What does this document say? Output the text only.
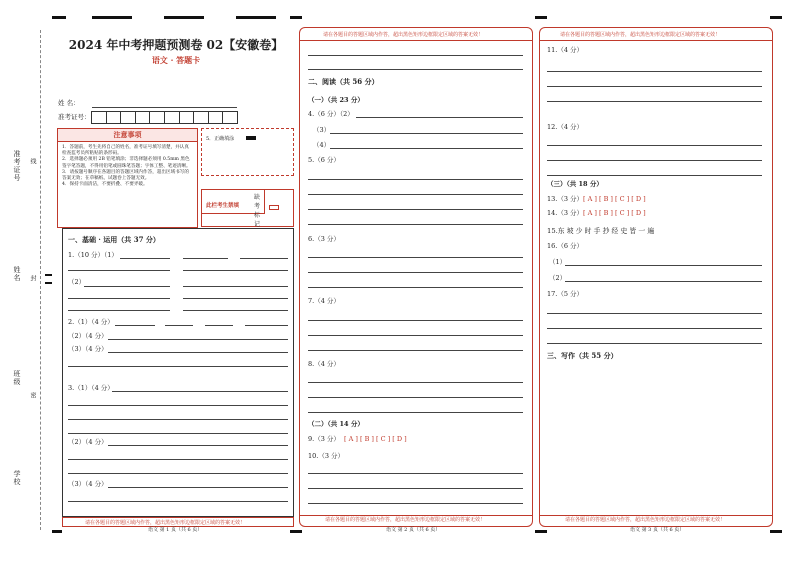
准考证号 线
姓名 封
班级
密
学校
2024 年中考押题预测卷 02【安徽卷】
语文 · 答题卡
姓 名：
准考证号：
注意事项
1．答题前，考生先将自己的姓名，准考证号填写清楚，并认真检查监考员所粘贴的条形码。
2．选择题必须用 2B 铅笔填涂；非选择题必须用 0.5mm 黑色签字笔答题，不得用铅笔或圆珠笔答题；字体工整、笔迹清晰。
3．请按题号顺序在各题目的答题区域内作答，超出区域书写的答案无效；在草稿纸、试题卷上答题无效。
4．保持卡面清洁，不要折叠、不要弄破。
5．正确填涂
此栏考生禁填
缺考标记
一、基础 · 运用（共 37 分）
1.（10 分）（1）
（2）
2.（1）（4 分）
（2）（4 分）
（3）（4 分）
3.（1）（4 分）
（2）（4 分）
（3）（4 分）
请在各题目的答题区域内作答，超出黑色矩形边框限定区域的答案无效！
语文 第 1 页（共 6 页）
请在各题目的答题区域内作答，超出黑色矩形边框限定区域的答案无效！
二、阅读（共 56 分）
（一）（共 23 分）
4.（6 分）（2）
（3）
（4）
5.（6 分）
6.（3 分）
7.（4 分）
8.（4 分）
（二）（共 14 分）
9.（3 分） [ A ] [ B ] [ C ] [ D ]
10.（3 分）
请在各题目的答题区域内作答，超出黑色矩形边框限定区域的答案无效！
语文 第 2 页（共 6 页）
请在各题目的答题区域内作答，超出黑色矩形边框限定区域的答案无效！
11.（4 分）
12.（4 分）
（三）（共 18 分）
13.（3 分） [ A ] [ B ] [ C ] [ D ]
14.（3 分） [ A ] [ B ] [ C ] [ D ]
15.东 坡 少 时 手 抄 经 史 皆 一 遍
16.（6 分）
（1）
（2）
17.（5 分）
三、写作（共 55 分）
请在各题目的答题区域内作答，超出黑色矩形边框限定区域的答案无效！
语文 第 3 页（共 6 页）
